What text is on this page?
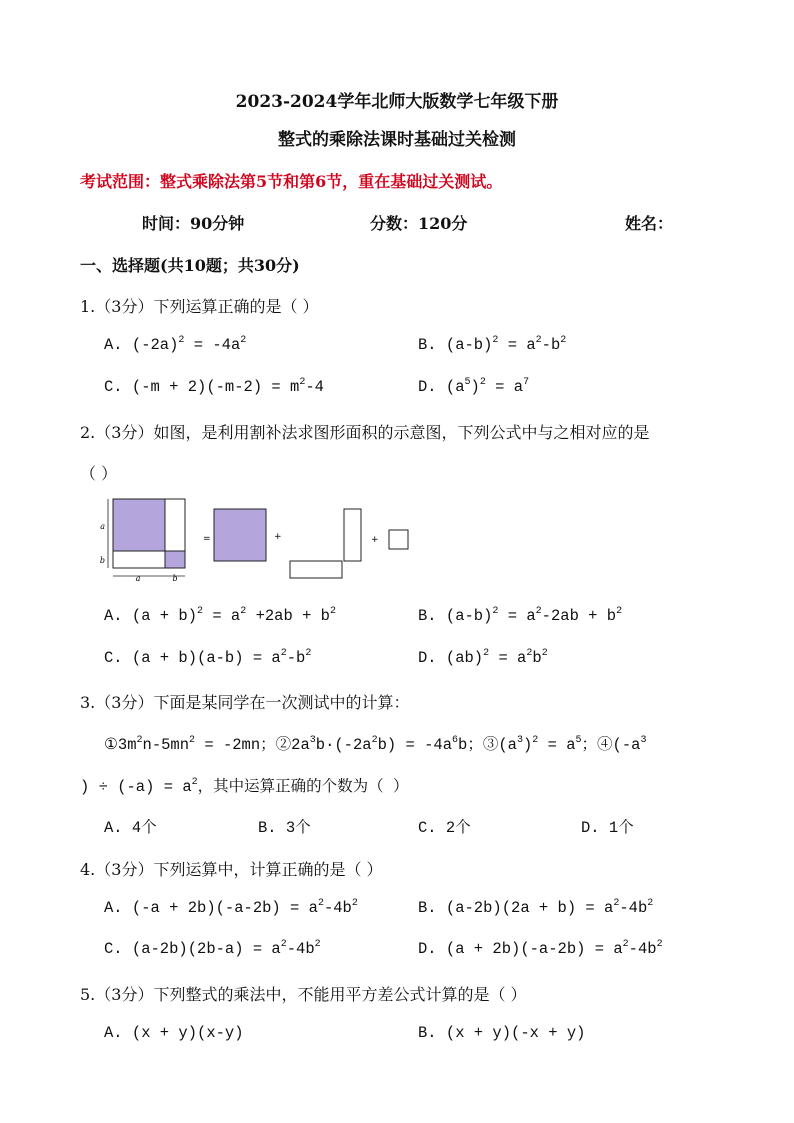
2023-2024学年北师大版数学七年级下册
整式的乘除法课时基础过关检测
考试范围：整式乘除法第5节和第6节，重在基础过关测试。
时间：90分钟	分数：120分	姓名：
一、选择题(共10题；共30分)
1.（3分）下列运算正确的是（ ）
A. $(-2a)^2 = -4a^2$	B. $(a-b)^2 = a^2-b^2$
C. $(-m + 2)(-m-2) = m^2-4$	D. $(a^5)^2 = a^7$
2.（3分）如图，是利用割补法求图形面积的示意图，下列公式中与之相对应的是
（ ）
a
b
a	b
=	+	+
A. $(a + b)^2 = a^2 +2ab + b^2$	B. $(a-b)^2 = a^2-2ab + b^2$
C. $(a + b)(a-b) = a^2-b^2$	D. $(ab)^2 = a^2b^2$
3.（3分）下面是某同学在一次测试中的计算：
$①3m^2n-5mn^2 = -2mn$；$②2a^3b\cdot(-2a^2b) = -4a^6b$；$③(a^3)^2 = a^5$；$④(-a^3$
) ÷ $(-a) = a^2$，其中运算正确的个数为（ ）
A. 4个	B. 3个	C. 2个	D. 1个
4.（3分）下列运算中，计算正确的是（ ）
A. $(-a + 2b)(-a-2b) = a^2-4b^2$	B. $(a-2b)(2a + b) = a^2-4b^2$
C. $(a-2b)(2b-a) = a^2-4b^2$	D. $(a + 2b)(-a-2b) = a^2-4b^2$
5.（3分）下列整式的乘法中，不能用平方差公式计算的是（ ）
A. (x + y)(x-y)	B. (x + y)(-x + y)
